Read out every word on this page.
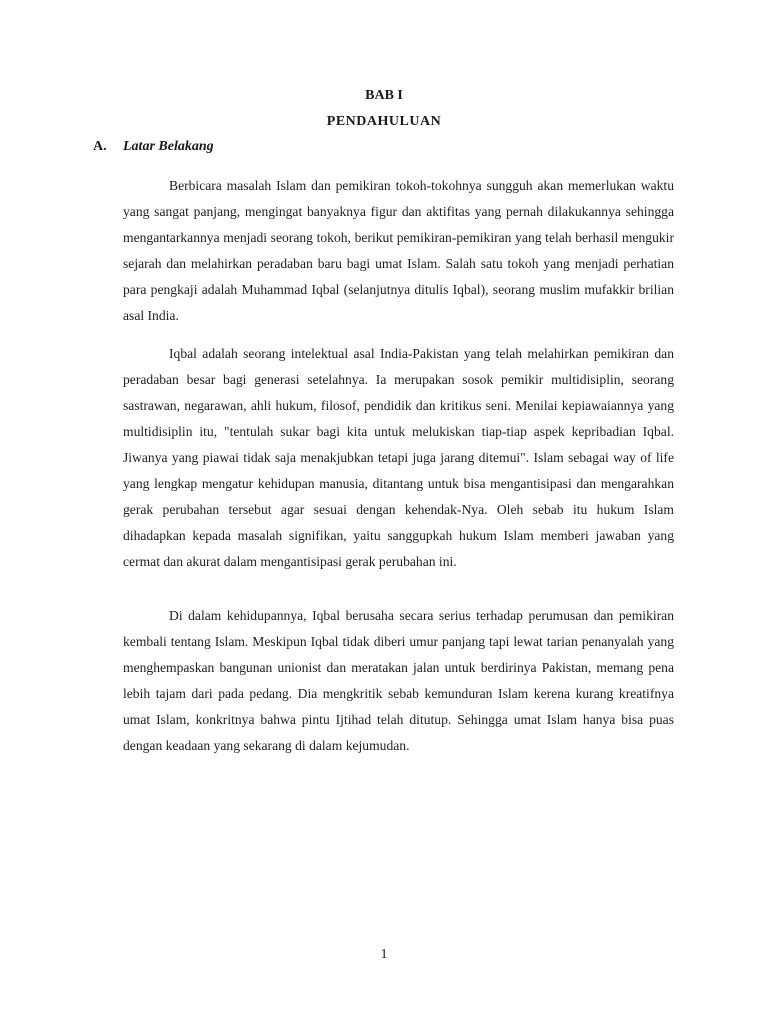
BAB I
PENDAHULUAN
A. Latar Belakang

Berbicara masalah Islam dan pemikiran tokoh-tokohnya sungguh akan memerlukan waktu yang sangat panjang, mengingat banyaknya figur dan aktifitas yang pernah dilakukannya sehingga mengantarkannya menjadi seorang tokoh, berikut pemikiran-pemikiran yang telah berhasil mengukir sejarah dan melahirkan peradaban baru bagi umat Islam. Salah satu tokoh yang menjadi perhatian para pengkaji adalah Muhammad Iqbal (selanjutnya ditulis Iqbal), seorang muslim mufakkir brilian asal India.

Iqbal adalah seorang intelektual asal India-Pakistan yang telah melahirkan pemikiran dan peradaban besar bagi generasi setelahnya. Ia merupakan sosok pemikir multidisiplin, seorang sastrawan, negarawan, ahli hukum, filosof, pendidik dan kritikus seni. Menilai kepiawaiannya yang multidisiplin itu, "tentulah sukar bagi kita untuk melukiskan tiap-tiap aspek kepribadian Iqbal. Jiwanya yang piawai tidak saja menakjubkan tetapi juga jarang ditemui". Islam sebagai way of life yang lengkap mengatur kehidupan manusia, ditantang untuk bisa mengantisipasi dan mengarahkan gerak perubahan tersebut agar sesuai dengan kehendak-Nya. Oleh sebab itu hukum Islam dihadapkan kepada masalah signifikan, yaitu sanggupkah hukum Islam memberi jawaban yang cermat dan akurat dalam mengantisipasi gerak perubahan ini.

Di dalam kehidupannya, Iqbal berusaha secara serius terhadap perumusan dan pemikiran kembali tentang Islam. Meskipun Iqbal tidak diberi umur panjang tapi lewat tarian penanyalah yang menghempaskan bangunan unionist dan meratakan jalan untuk berdirinya Pakistan, memang pena lebih tajam dari pada pedang. Dia mengkritik sebab kemunduran Islam kerena kurang kreatifnya umat Islam, konkritnya bahwa pintu Ijtihad telah ditutup. Sehingga umat Islam hanya bisa puas dengan keadaan yang sekarang di dalam kejumudan.

1
